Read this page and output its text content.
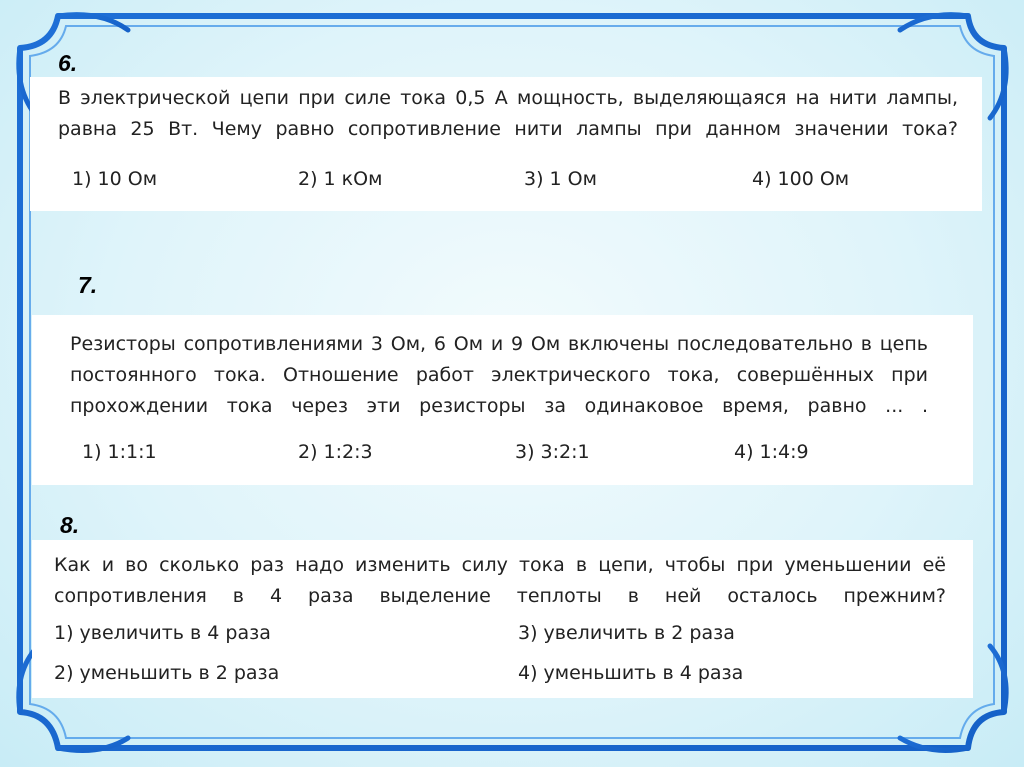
6.

В электрической цепи при силе тока 0,5 А мощность, выделяющаяся на нити лампы, равна 25 Вт. Чему равно сопротивление нити лампы при данном значении тока?

1) 10 Ом	2) 1 кОм	3) 1 Ом	4) 100 Ом
7.

Резисторы сопротивлениями 3 Ом, 6 Ом и 9 Ом включены последовательно в цепь постоянного тока. Отношение работ электрического тока, совершённых при прохождении тока через эти резисторы за одинаковое время, равно ... .

1) 1:1:1	2) 1:2:3	3) 3:2:1	4) 1:4:9
8.

Как и во сколько раз надо изменить силу тока в цепи, чтобы при уменьшении её сопротивления в 4 раза выделение теплоты в ней осталось прежним?

1) увеличить в 4 раза	3) увеличить в 2 раза
2) уменьшить в 2 раза	4) уменьшить в 4 раза
